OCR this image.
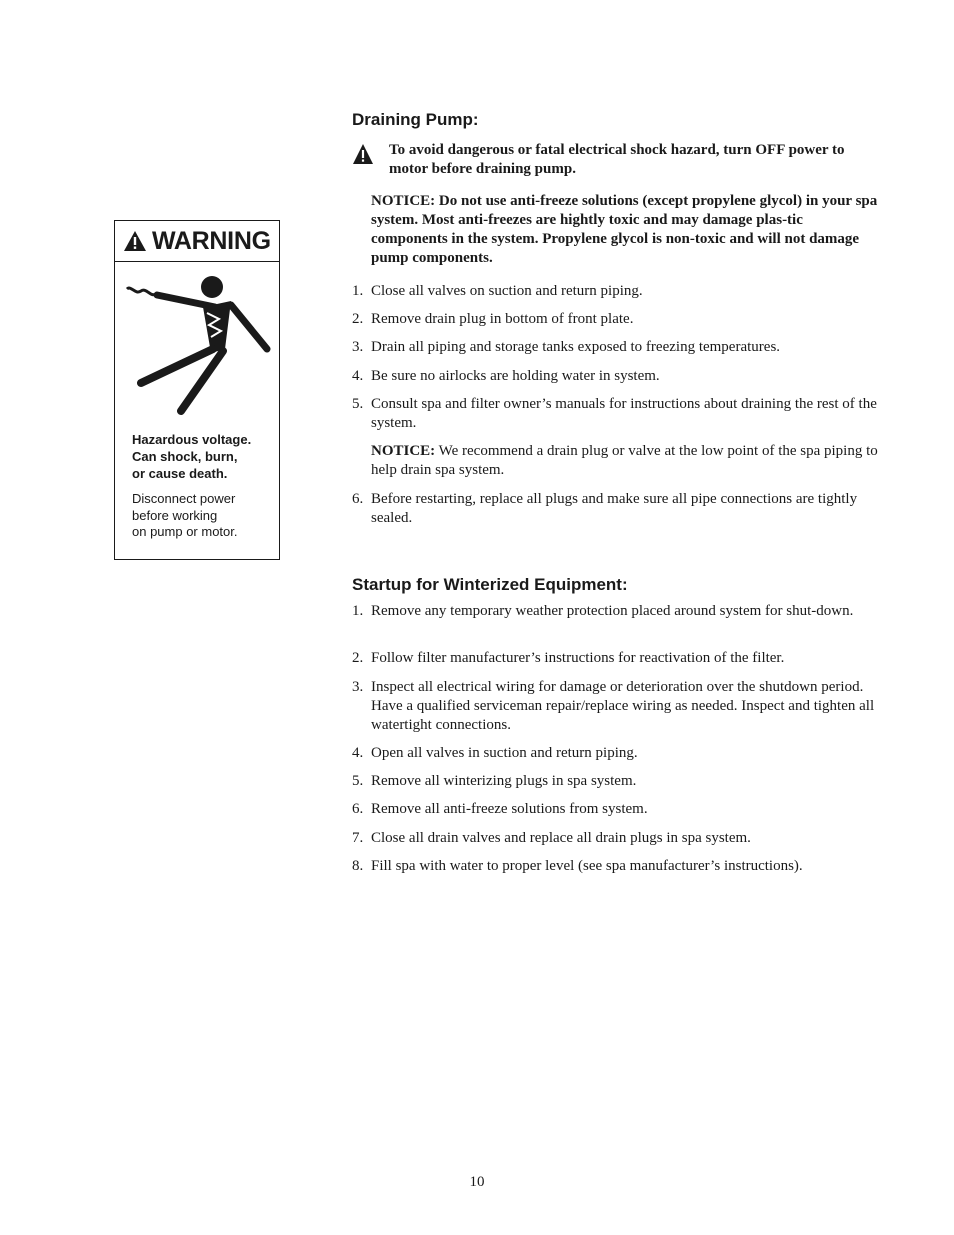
WARNING
Hazardous voltage.
Can shock, burn,
or cause death.
Disconnect power
before working
on pump or motor.
Draining Pump:
To avoid dangerous or fatal electrical shock hazard, turn OFF power to motor before draining pump.
NOTICE: Do not use anti-freeze solutions (except propylene glycol) in your spa system. Most anti-freezes are hightly toxic and may damage plas-tic components in the system. Propylene glycol is non-toxic and will not damage pump components.
1. Close all valves on suction and return piping.
2. Remove drain plug in bottom of front plate.
3. Drain all piping and storage tanks exposed to freezing temperatures.
4. Be sure no airlocks are holding water in system.
5. Consult spa and filter owner’s manuals for instructions about draining the rest of the system.
NOTICE: We recommend a drain plug or valve at the low point of the spa piping to help drain spa system.
6. Before restarting, replace all plugs and make sure all pipe connections are tightly sealed.
Startup for Winterized Equipment:
1. Remove any temporary weather protection placed around system for shut-down.
2. Follow filter manufacturer’s instructions for reactivation of the filter.
3. Inspect all electrical wiring for damage or deterioration over the shutdown period. Have a qualified serviceman repair/replace wiring as needed. Inspect and tighten all watertight connections.
4. Open all valves in suction and return piping.
5. Remove all winterizing plugs in spa system.
6. Remove all anti-freeze solutions from system.
7. Close all drain valves and replace all drain plugs in spa system.
8. Fill spa with water to proper level (see spa manufacturer’s instructions).
10
